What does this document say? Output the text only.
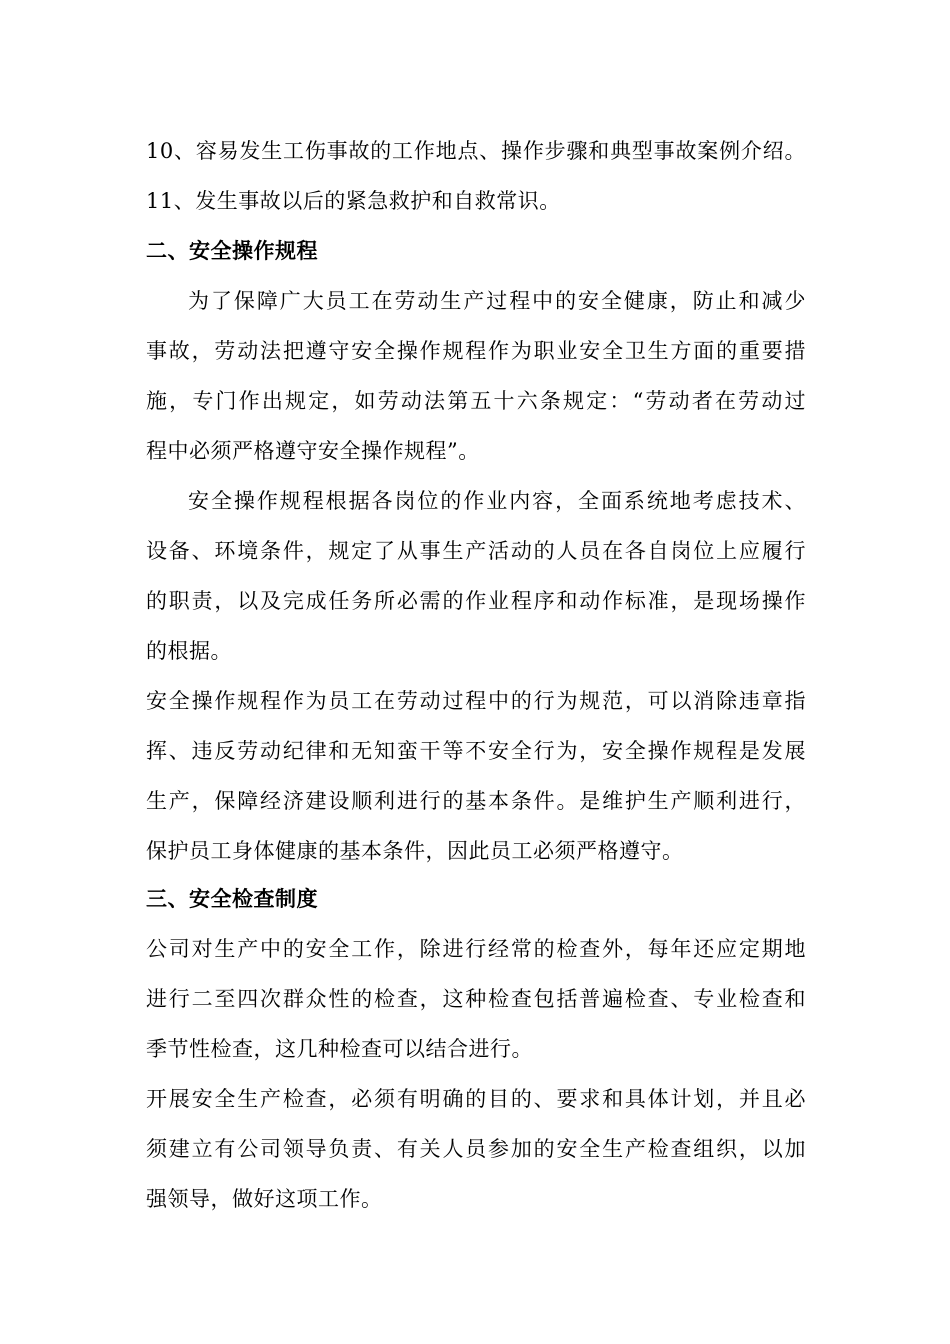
10、容易发生工伤事故的工作地点、操作步骤和典型事故案例介绍。
11、发生事故以后的紧急救护和自救常识。
二、安全操作规程
为了保障广大员工在劳动生产过程中的安全健康，防止和减少
事故，劳动法把遵守安全操作规程作为职业安全卫生方面的重要措
施，专门作出规定，如劳动法第五十六条规定：“劳动者在劳动过
程中必须严格遵守安全操作规程”。
安全操作规程根据各岗位的作业内容，全面系统地考虑技术、
设备、环境条件，规定了从事生产活动的人员在各自岗位上应履行
的职责，以及完成任务所必需的作业程序和动作标准，是现场操作
的根据。
安全操作规程作为员工在劳动过程中的行为规范，可以消除违章指
挥、违反劳动纪律和无知蛮干等不安全行为，安全操作规程是发展
生产，保障经济建设顺利进行的基本条件。是维护生产顺利进行，
保护员工身体健康的基本条件，因此员工必须严格遵守。
三、安全检查制度
公司对生产中的安全工作，除进行经常的检查外，每年还应定期地
进行二至四次群众性的检查，这种检查包括普遍检查、专业检查和
季节性检查，这几种检查可以结合进行。
开展安全生产检查，必须有明确的目的、要求和具体计划，并且必
须建立有公司领导负责、有关人员参加的安全生产检查组织，以加
强领导，做好这项工作。
